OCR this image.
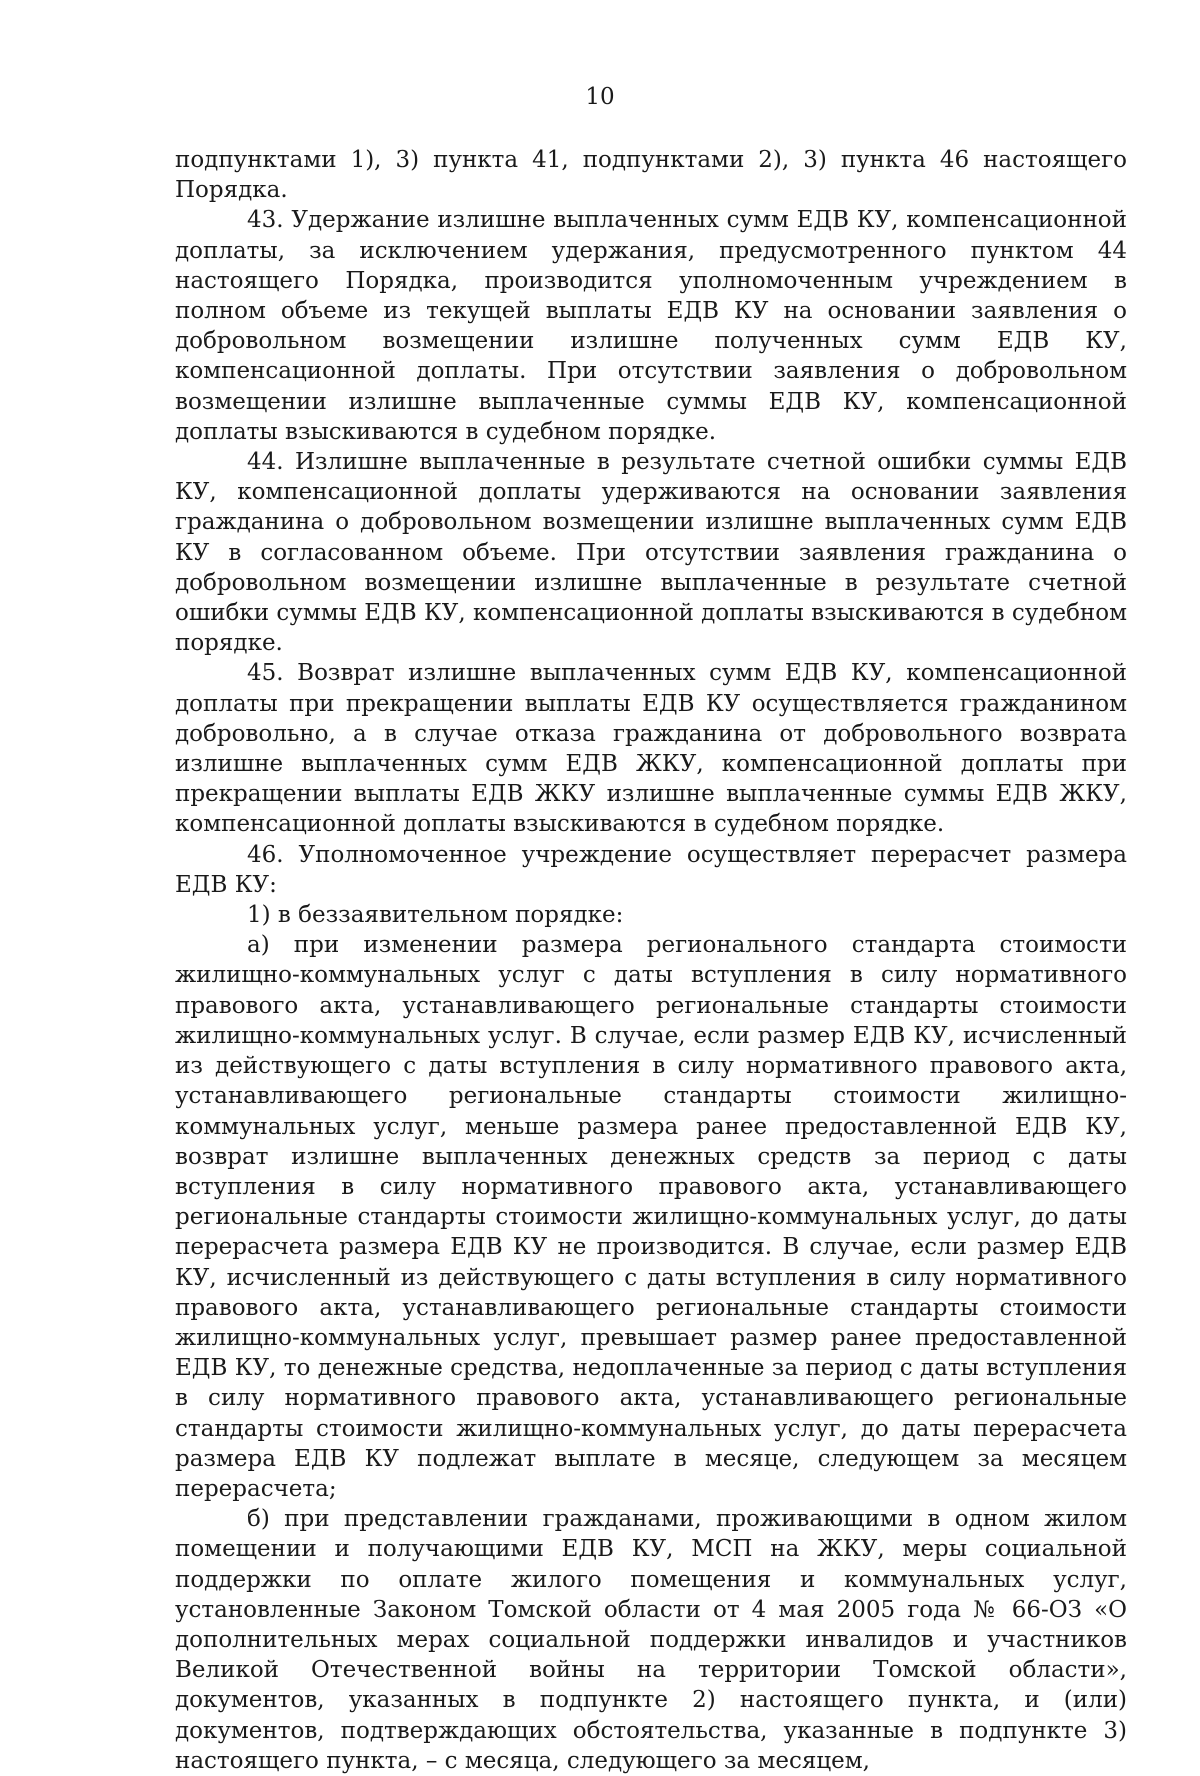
10

подпунктами 1), 3) пункта 41, подпунктами 2), 3) пункта 46 настоящего Порядка.

43. Удержание излишне выплаченных сумм ЕДВ КУ, компенсационной доплаты, за исключением удержания, предусмотренного пунктом 44 настоящего Порядка, производится уполномоченным учреждением в полном объеме из текущей выплаты ЕДВ КУ на основании заявления о добровольном возмещении излишне полученных сумм ЕДВ КУ, компенсационной доплаты. При отсутствии заявления о добровольном возмещении излишне выплаченные суммы ЕДВ КУ, компенсационной доплаты взыскиваются в судебном порядке.

44. Излишне выплаченные в результате счетной ошибки суммы ЕДВ КУ, компенсационной доплаты удерживаются на основании заявления гражданина о добровольном возмещении излишне выплаченных сумм ЕДВ КУ в согласованном объеме. При отсутствии заявления гражданина о добровольном возмещении излишне выплаченные в результате счетной ошибки суммы ЕДВ КУ, компенсационной доплаты взыскиваются в судебном порядке.

45. Возврат излишне выплаченных сумм ЕДВ КУ, компенсационной доплаты при прекращении выплаты ЕДВ КУ осуществляется гражданином добровольно, а в случае отказа гражданина от добровольного возврата излишне выплаченных сумм ЕДВ ЖКУ, компенсационной доплаты при прекращении выплаты ЕДВ ЖКУ излишне выплаченные суммы ЕДВ ЖКУ, компенсационной доплаты взыскиваются в судебном порядке.

46. Уполномоченное учреждение осуществляет перерасчет размера ЕДВ КУ:

1) в беззаявительном порядке:

а) при изменении размера регионального стандарта стоимости жилищно-коммунальных услуг с даты вступления в силу нормативного правового акта, устанавливающего региональные стандарты стоимости жилищно-коммунальных услуг. В случае, если размер ЕДВ КУ, исчисленный из действующего с даты вступления в силу нормативного правового акта, устанавливающего региональные стандарты стоимости жилищно-коммунальных услуг, меньше размера ранее предоставленной ЕДВ КУ, возврат излишне выплаченных денежных средств за период с даты вступления в силу нормативного правового акта, устанавливающего региональные стандарты стоимости жилищно-коммунальных услуг, до даты перерасчета размера ЕДВ КУ не производится. В случае, если размер ЕДВ КУ, исчисленный из действующего с даты вступления в силу нормативного правового акта, устанавливающего региональные стандарты стоимости жилищно-коммунальных услуг, превышает размер ранее предоставленной ЕДВ КУ, то денежные средства, недоплаченные за период с даты вступления в силу нормативного правового акта, устанавливающего региональные стандарты стоимости жилищно-коммунальных услуг, до даты перерасчета размера ЕДВ КУ подлежат выплате в месяце, следующем за месяцем перерасчета;

б) при представлении гражданами, проживающими в одном жилом помещении и получающими ЕДВ КУ, МСП на ЖКУ, меры социальной поддержки по оплате жилого помещения и коммунальных услуг, установленные Законом Томской области от 4 мая 2005 года № 66-ОЗ «О дополнительных мерах социальной поддержки инвалидов и участников Великой Отечественной войны на территории Томской области», документов, указанных в подпункте 2) настоящего пункта, и (или) документов, подтверждающих обстоятельства, указанные в подпункте 3) настоящего пункта, – с месяца, следующего за месяцем,
